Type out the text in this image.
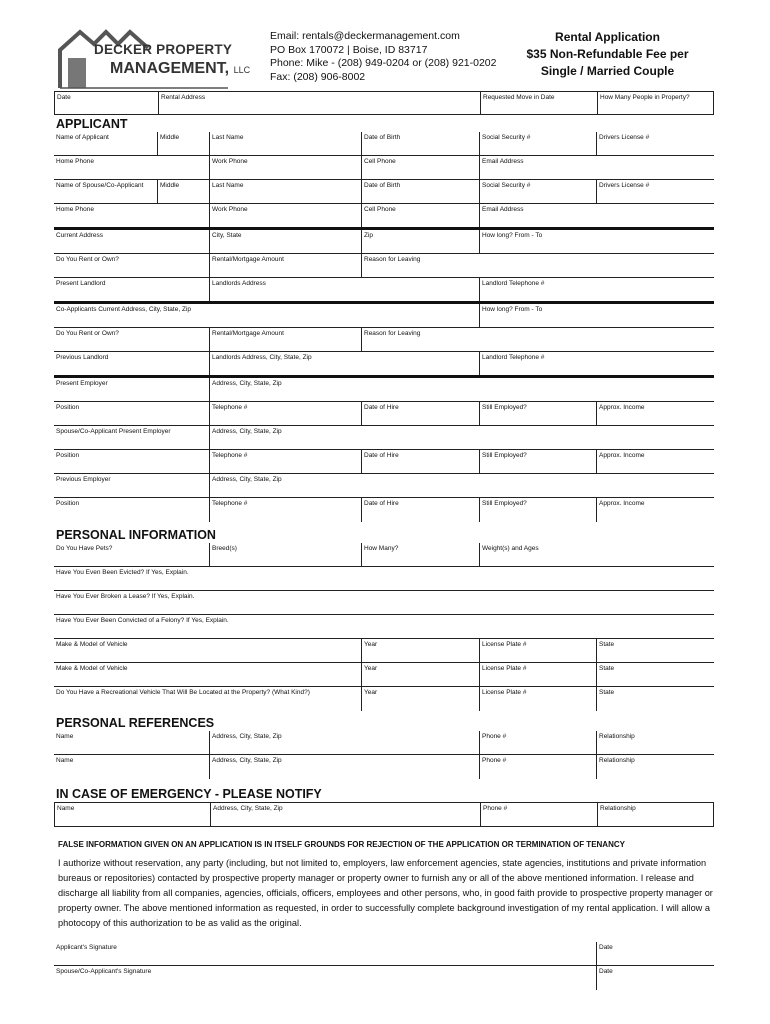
DECKER PROPERTY
MANAGEMENT, LLC
Email: rentals@deckermanagement.com
PO Box 170072 | Boise, ID 83717
Phone: Mike - (208) 949-0204 or (208) 921-0202
Fax: (208) 906-8002
Rental Application
$35 Non-Refundable Fee per
Single / Married Couple
Date	Rental Address	Requested Move in Date	How Many People in Property?
APPLICANT
Name of Applicant	Middle	Last Name	Date of Birth	Social Security #	Drivers License #
Home Phone	Work Phone	Cell Phone	Email Address
Name of Spouse/Co-Applicant	Middle	Last Name	Date of Birth	Social Security #	Drivers License #
Home Phone	Work Phone	Cell Phone	Email Address
Current Address	City, State	Zip	How long? From - To
Do You Rent or Own?	Rental/Mortgage Amount	Reason for Leaving
Present Landlord	Landlords Address	Landlord Telephone #
Co-Applicants Current Address, City, State, Zip	How long? From - To
Do You Rent or Own?	Rental/Mortgage Amount	Reason for Leaving
Previous Landlord	Landlords Address, City, State, Zip	Landlord Telephone #
Present Employer	Address, City, State, Zip
Position	Telephone #	Date of Hire	Still Employed?	Approx. Income
Spouse/Co-Applicant Present Employer	Address, City, State, Zip
Position	Telephone #	Date of Hire	Still Employed?	Approx. Income
Previous Employer	Address, City, State, Zip
Position	Telephone #	Date of Hire	Still Employed?	Approx. Income
PERSONAL INFORMATION
Do You Have Pets?	Breed(s)	How Many?	Weight(s) and Ages
Have You Even Been Evicted? If Yes, Explain.
Have You Ever Broken a Lease? If Yes, Explain.
Have You Ever Been Convicted of a Felony? If Yes, Explain.
Make & Model of Vehicle	Year	License Plate #	State
Make & Model of Vehicle	Year	License Plate #	State
Do You Have a Recreational Vehicle That Will Be Located at the Property? (What Kind?)	Year	License Plate #	State
PERSONAL REFERENCES
Name	Address, City, State, Zip	Phone #	Relationship
Name	Address, City, State, Zip	Phone #	Relationship
IN CASE OF EMERGENCY - PLEASE NOTIFY
Name	Address, City, State, Zip	Phone #	Relationship
FALSE INFORMATION GIVEN ON AN APPLICATION IS IN ITSELF GROUNDS FOR REJECTION OF THE APPLICATION OR TERMINATION OF TENANCY
I authorize without reservation, any party (including, but not limited to, employers, law enforcement agencies, state agencies, institutions and private information bureaus or repositories) contacted by prospective property manager or property owner to furnish any or all of the above mentioned information. I release and discharge all liability from all companies, agencies, officials, officers, employees and other persons, who, in good faith provide to prospective property manager or property owner. The above mentioned information as requested, in order to successfully complete background investigation of my rental application. I will allow a photocopy of this authorization to be as valid as the original.
Applicant's Signature	Date
Spouse/Co-Applicant's Signature	Date
